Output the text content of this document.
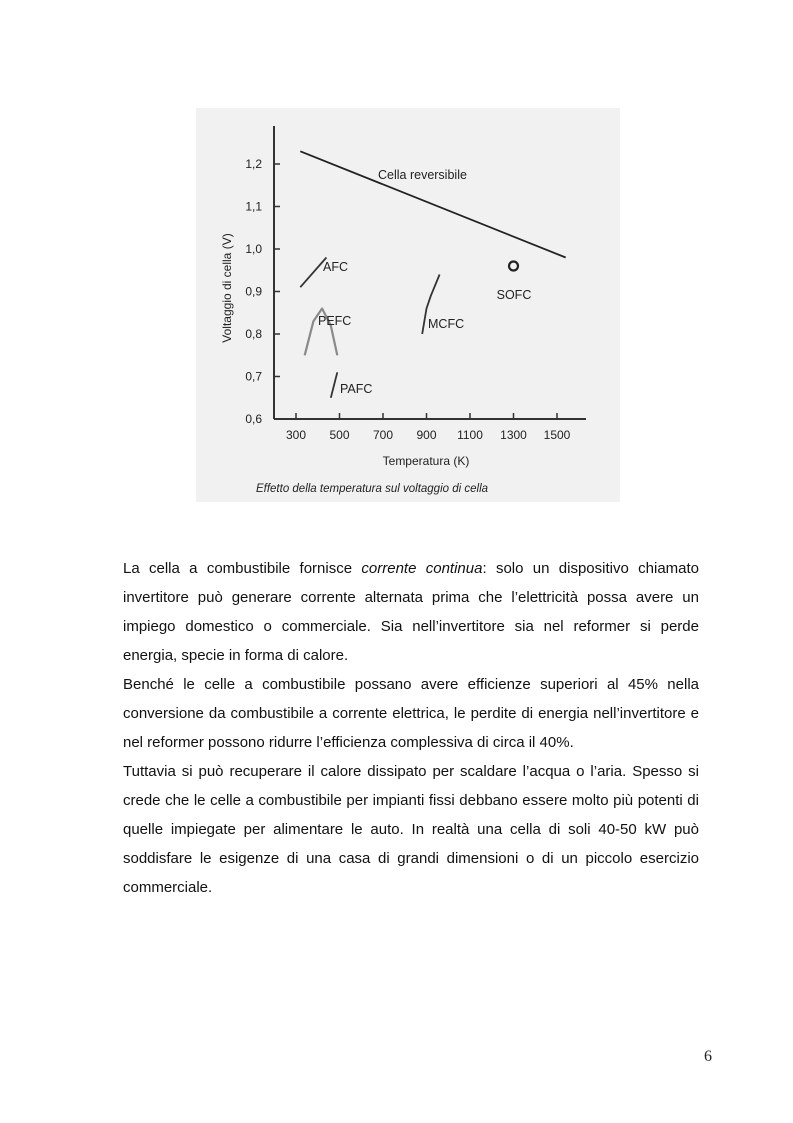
300 500 700 900 1100 1300 1500
0,6
0,7
0,8
0,9
1,0
1,1
1,2
Temperatura (K)
Voltaggio di cella (V)
Effetto della temperatura sul voltaggio di cella
Cella reversibile
AFC
PEFC
PAFC
MCFC
SOFC

La cella a combustibile fornisce corrente continua: solo un dispositivo chiamato invertitore può generare corrente alternata prima che l’elettricità possa avere un impiego domestico o commerciale. Sia nell’invertitore sia nel reformer si perde energia, specie in forma di calore.

Benché le celle a combustibile possano avere efficienze superiori al 45% nella conversione da combustibile a corrente elettrica, le perdite di energia nell’invertitore e nel reformer possono ridurre l’efficienza complessiva di circa il 40%.

Tuttavia si può recuperare il calore dissipato per scaldare l’acqua o l’aria. Spesso si crede che le celle a combustibile per impianti fissi debbano essere molto più potenti di quelle impiegate per alimentare le auto. In realtà una cella di soli 40-50 kW può soddisfare le esigenze di una casa di grandi dimensioni o di un piccolo esercizio commerciale.

6
